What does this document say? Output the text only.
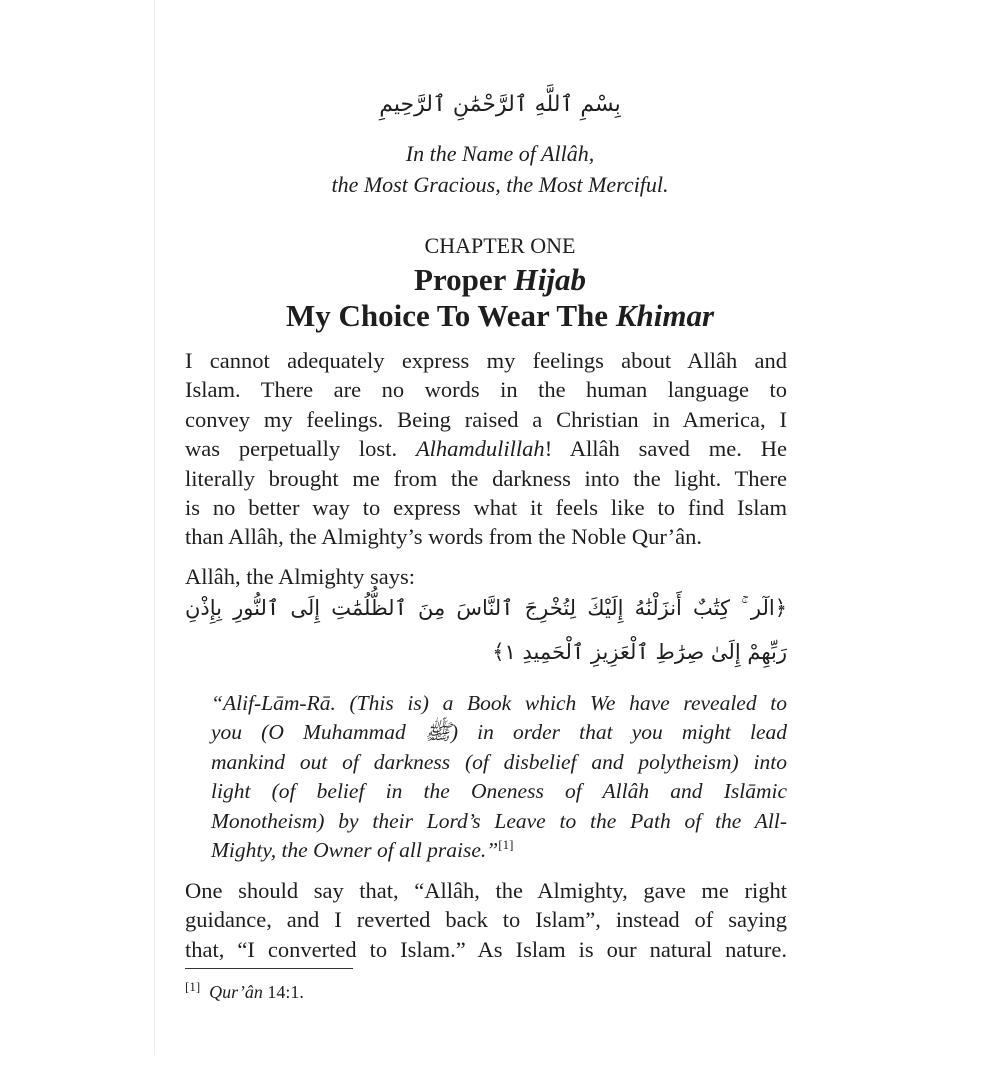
بِسْمِ ٱللَّهِ ٱلرَّحْمَٰنِ ٱلرَّحِيمِ
In the Name of Allâh,
the Most Gracious, the Most Merciful.
CHAPTER ONE
Proper Hijab
My Choice To Wear The Khimar
I cannot adequately express my feelings about Allâh and
Islam. There are no words in the human language to
convey my feelings. Being raised a Christian in America, I
was perpetually lost. Alhamdulillah! Allâh saved me. He
literally brought me from the darkness into the light. There
is no better way to express what it feels like to find Islam
than Allâh, the Almighty’s words from the Noble Qur’ân.
Allâh, the Almighty says:
﴿الٓر ۚ كِتَٰبٌ أَنزَلْنَٰهُ إِلَيْكَ لِتُخْرِجَ ٱلنَّاسَ مِنَ ٱلظُّلُمَٰتِ إِلَى ٱلنُّورِ بِإِذْنِ
رَبِّهِمْ إِلَىٰ صِرَٰطِ ٱلْعَزِيزِ ٱلْحَمِيدِ ١﴾
“Alif-Lām-Rā. (This is) a Book which We have revealed to
you (O Muhammad ﷺ) in order that you might lead
mankind out of darkness (of disbelief and polytheism) into
light (of belief in the Oneness of Allâh and Islāmic
Monotheism) by their Lord’s Leave to the Path of the All-
Mighty, the Owner of all praise.”[1]
One should say that, “Allâh, the Almighty, gave me right
guidance, and I reverted back to Islam”, instead of saying
that, “I converted to Islam.” As Islam is our natural nature.
[1] Qur’ân 14:1.
